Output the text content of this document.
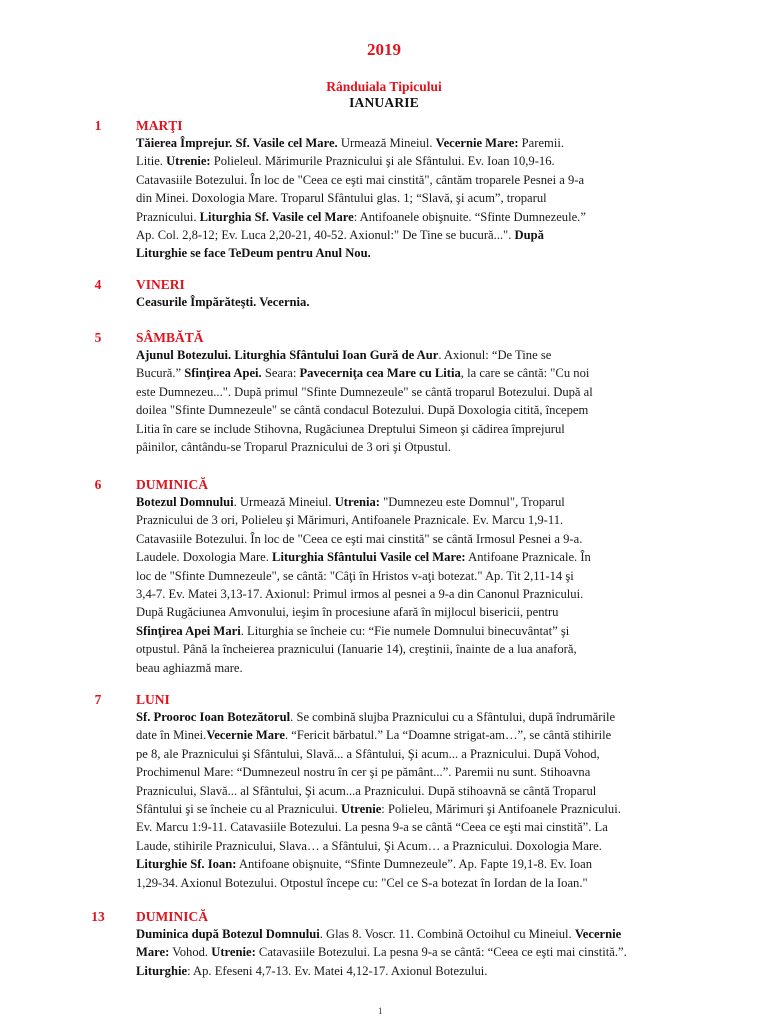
2019
Rânduiala Tipicului
IANUARIE
1	MARŢI
Tăierea Împrejur. Sf. Vasile cel Mare. Urmează Mineiul. Vecernie Mare: Paremii.
Litie. Utrenie: Polieleul. Mărimurile Praznicului şi ale Sfântului. Ev. Ioan 10,9-16.
Catavasiile Botezului. În loc de "Ceea ce eşti mai cinstită", cântăm troparele Pesnei a 9-a
din Minei. Doxologia Mare. Troparul Sfântului glas. 1; “Slavă, şi acum”, troparul
Praznicului. Liturghia Sf. Vasile cel Mare: Antifoanele obişnuite. “Sfinte Dumnezeule.”
Ap. Col. 2,8-12; Ev. Luca 2,20-21, 40-52. Axionul:" De Tine se bucură...". După
Liturghie se face TeDeum pentru Anul Nou.
4	VINERI
Ceasurile Împărăteşti. Vecernia.
5	SÂMBĂTĂ
Ajunul Botezului. Liturghia Sfântului Ioan Gură de Aur. Axionul: “De Tine se
Bucură.” Sfinţirea Apei. Seara: Pavecerniţa cea Mare cu Litia, la care se cântă: "Cu noi
este Dumnezeu...". După primul "Sfinte Dumnezeule" se cântă troparul Botezului. După al
doilea "Sfinte Dumnezeule" se cântă condacul Botezului. După Doxologia citită, începem
Litia în care se include Stihovna, Rugăciunea Dreptului Simeon şi cădirea împrejurul
pâinilor, cântându-se Troparul Praznicului de 3 ori şi Otpustul.
6	DUMINICĂ
Botezul Domnului. Urmează Mineiul. Utrenia: "Dumnezeu este Domnul", Troparul
Praznicului de 3 ori, Polieleu şi Mărimuri, Antifoanele Praznicale. Ev. Marcu 1,9-11.
Catavasiile Botezului. În loc de "Ceea ce eşti mai cinstită" se cântă Irmosul Pesnei a 9-a.
Laudele. Doxologia Mare. Liturghia Sfântului Vasile cel Mare: Antifoane Praznicale. În
loc de "Sfinte Dumnezeule", se cântă: "Câţi în Hristos v-aţi botezat." Ap. Tit 2,11-14 şi
3,4-7. Ev. Matei 3,13-17. Axionul: Primul irmos al pesnei a 9-a din Canonul Praznicului.
După Rugăciunea Amvonului, ieşim în procesiune afară în mijlocul bisericii, pentru
Sfinţirea Apei Mari. Liturghia se încheie cu: “Fie numele Domnului binecuvântat” şi
otpustul. Până la încheierea praznicului (Ianuarie 14), creştinii, înainte de a lua anaforă,
beau aghiazmă mare.
7	LUNI
Sf. Prooroc Ioan Botezătorul. Se combină slujba Praznicului cu a Sfântului, după îndrumările
date în Minei.Vecernie Mare. “Fericit bărbatul.” La “Doamne strigat-am…”, se cântă stihirile
pe 8, ale Praznicului şi Sfântului, Slavă... a Sfântului, Şi acum... a Praznicului. După Vohod,
Prochimenul Mare: “Dumnezeul nostru în cer şi pe pământ...”. Paremii nu sunt. Stihoavna
Praznicului, Slavă... al Sfântului, Şi acum...a Praznicului. După stihoavnă se cântă Troparul
Sfântului şi se încheie cu al Praznicului. Utrenie: Polieleu, Mărimuri şi Antifoanele Praznicului.
Ev. Marcu 1:9-11. Catavasiile Botezului. La pesna 9-a se cântă “Ceea ce eşti mai cinstită”. La
Laude, stihirile Praznicului, Slava… a Sfântului, Şi Acum… a Praznicului. Doxologia Mare.
Liturghie Sf. Ioan: Antifoane obişnuite, “Sfinte Dumnezeule”. Ap. Fapte 19,1-8. Ev. Ioan
1,29-34. Axionul Botezului. Otpostul începe cu: "Cel ce S-a botezat în Iordan de la Ioan."
13	DUMINICĂ
Duminica după Botezul Domnului. Glas 8. Voscr. 11. Combină Octoihul cu Mineiul. Vecernie
Mare: Vohod. Utrenie: Catavasiile Botezului. La pesna 9-a se cântă: “Ceea ce eşti mai cinstită.”.
Liturghie: Ap. Efeseni 4,7-13. Ev. Matei 4,12-17. Axionul Botezului.
1
